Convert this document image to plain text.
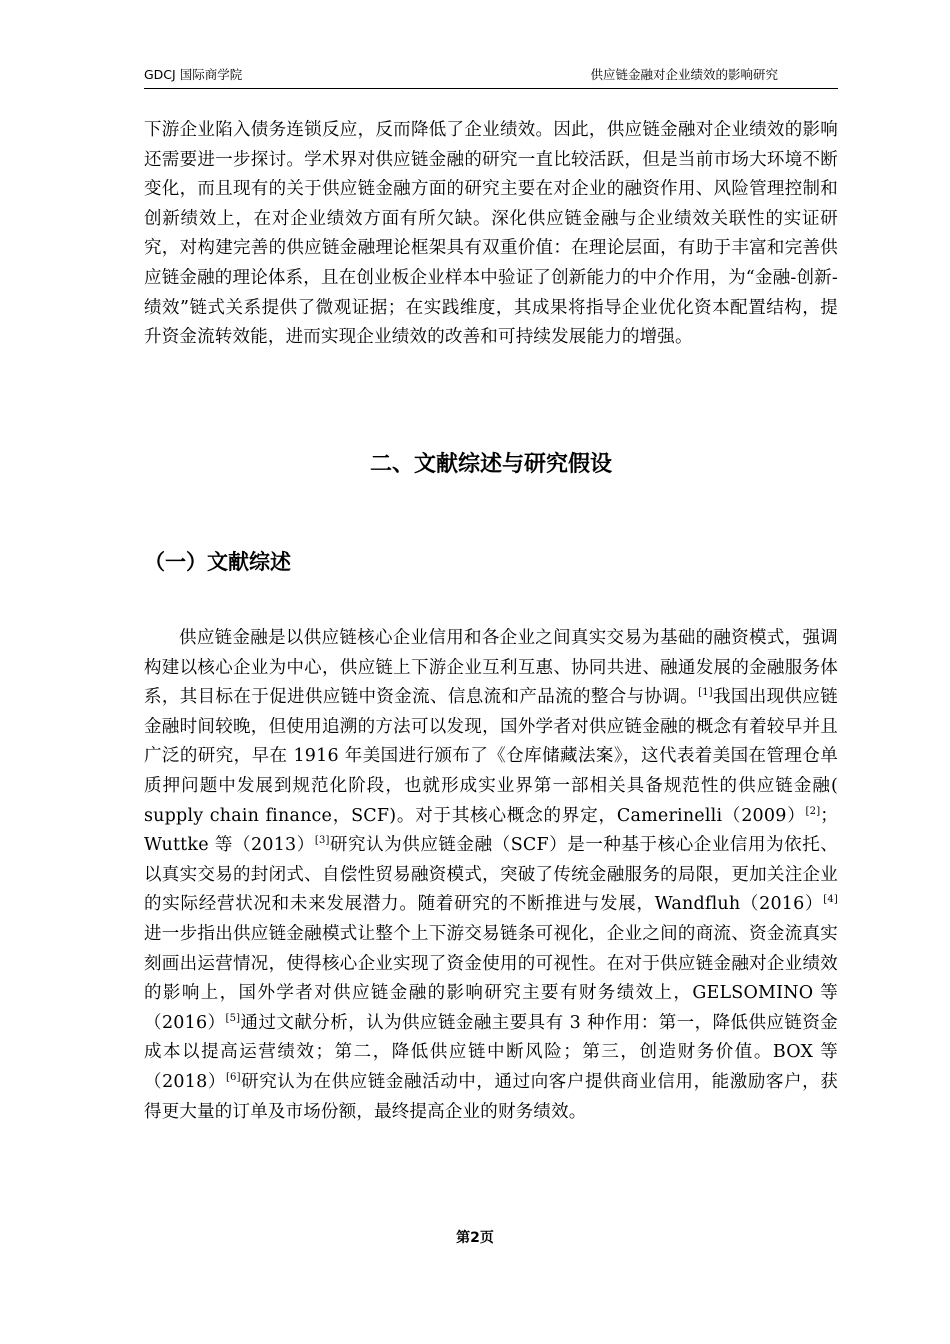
GDCJ 国际商学院	供应链金融对企业绩效的影响研究

下游企业陷入债务连锁反应，反而降低了企业绩效。因此，供应链金融对企业绩效的影响还需要进一步探讨。学术界对供应链金融的研究一直比较活跃，但是当前市场大环境不断变化，而且现有的关于供应链金融方面的研究主要在对企业的融资作用、风险管理控制和创新绩效上，在对企业绩效方面有所欠缺。深化供应链金融与企业绩效关联性的实证研究，对构建完善的供应链金融理论框架具有双重价值：在理论层面，有助于丰富和完善供应链金融的理论体系，且在创业板企业样本中验证了创新能力的中介作用，为“金融-创新-绩效”链式关系提供了微观证据；在实践维度，其成果将指导企业优化资本配置结构，提升资金流转效能，进而实现企业绩效的改善和可持续发展能力的增强。

二、文献综述与研究假设
（一）文献综述

供应链金融是以供应链核心企业信用和各企业之间真实交易为基础的融资模式，强调构建以核心企业为中心，供应链上下游企业互利互惠、协同共进、融通发展的金融服务体系，其目标在于促进供应链中资金流、信息流和产品流的整合与协调。[1]我国出现供应链金融时间较晚，但使用追溯的方法可以发现，国外学者对供应链金融的概念有着较早并且广泛的研究，早在 1916 年美国进行颁布了《仓库储藏法案》，这代表着美国在管理仓单质押问题中发展到规范化阶段，也就形成实业界第一部相关具备规范性的供应链金融( supply chain finance，SCF)。对于其核心概念的界定，Camerinelli（2009）[2]；Wuttke 等（2013）[3]研究认为供应链金融（SCF）是一种基于核心企业信用为依托、以真实交易的封闭式、自偿性贸易融资模式，突破了传统金融服务的局限，更加关注企业的实际经营状况和未来发展潜力。随着研究的不断推进与发展，Wandfluh（2016）[4]进一步指出供应链金融模式让整个上下游交易链条可视化，企业之间的商流、资金流真实刻画出运营情况，使得核心企业实现了资金使用的可视性。在对于供应链金融对企业绩效的影响上，国外学者对供应链金融的影响研究主要有财务绩效上，GELSOMINO 等（2016）[5]通过文献分析，认为供应链金融主要具有 3 种作用：第一，降低供应链资金成本以提高运营绩效；第二，降低供应链中断风险；第三，创造财务价值。BOX 等（2018）[6]研究认为在供应链金融活动中，通过向客户提供商业信用，能激励客户，获得更大量的订单及市场份额，最终提高企业的财务绩效。

第2页
